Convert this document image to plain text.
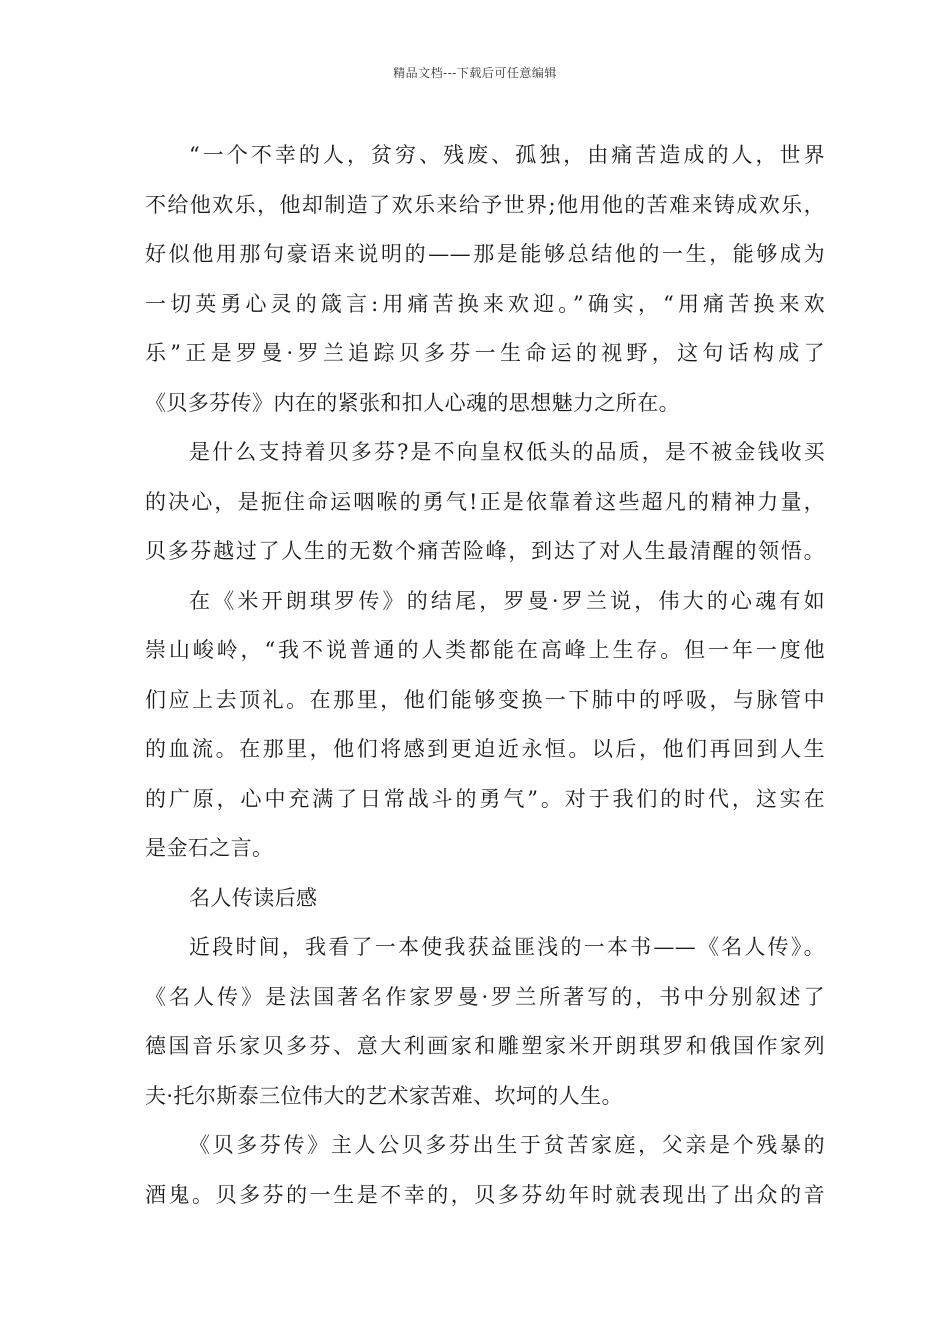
精品文档---下载后可任意编辑
“一个不幸的人，贫穷、残废、孤独，由痛苦造成的人，世界
不给他欢乐，他却制造了欢乐来给予世界;他用他的苦难来铸成欢乐，
好似他用那句豪语来说明的——那是能够总结他的一生，能够成为
一切英勇心灵的箴言:用痛苦换来欢迎。”确实，“用痛苦换来欢
乐”正是罗曼·罗兰追踪贝多芬一生命运的视野，这句话构成了
《贝多芬传》内在的紧张和扣人心魂的思想魅力之所在。
是什么支持着贝多芬?是不向皇权低头的品质，是不被金钱收买
的决心，是扼住命运咽喉的勇气!正是依靠着这些超凡的精神力量，
贝多芬越过了人生的无数个痛苦险峰，到达了对人生最清醒的领悟。
在《米开朗琪罗传》的结尾，罗曼·罗兰说，伟大的心魂有如
崇山峻岭，“我不说普通的人类都能在高峰上生存。但一年一度他
们应上去顶礼。在那里，他们能够变换一下肺中的呼吸，与脉管中
的血流。在那里，他们将感到更迫近永恒。以后，他们再回到人生
的广原，心中充满了日常战斗的勇气”。对于我们的时代，这实在
是金石之言。
名人传读后感
近段时间，我看了一本使我获益匪浅的一本书——《名人传》。
《名人传》是法国著名作家罗曼·罗兰所著写的，书中分别叙述了
德国音乐家贝多芬、意大利画家和雕塑家米开朗琪罗和俄国作家列
夫·托尔斯泰三位伟大的艺术家苦难、坎坷的人生。
《贝多芬传》主人公贝多芬出生于贫苦家庭，父亲是个残暴的
酒鬼。贝多芬的一生是不幸的，贝多芬幼年时就表现出了出众的音
